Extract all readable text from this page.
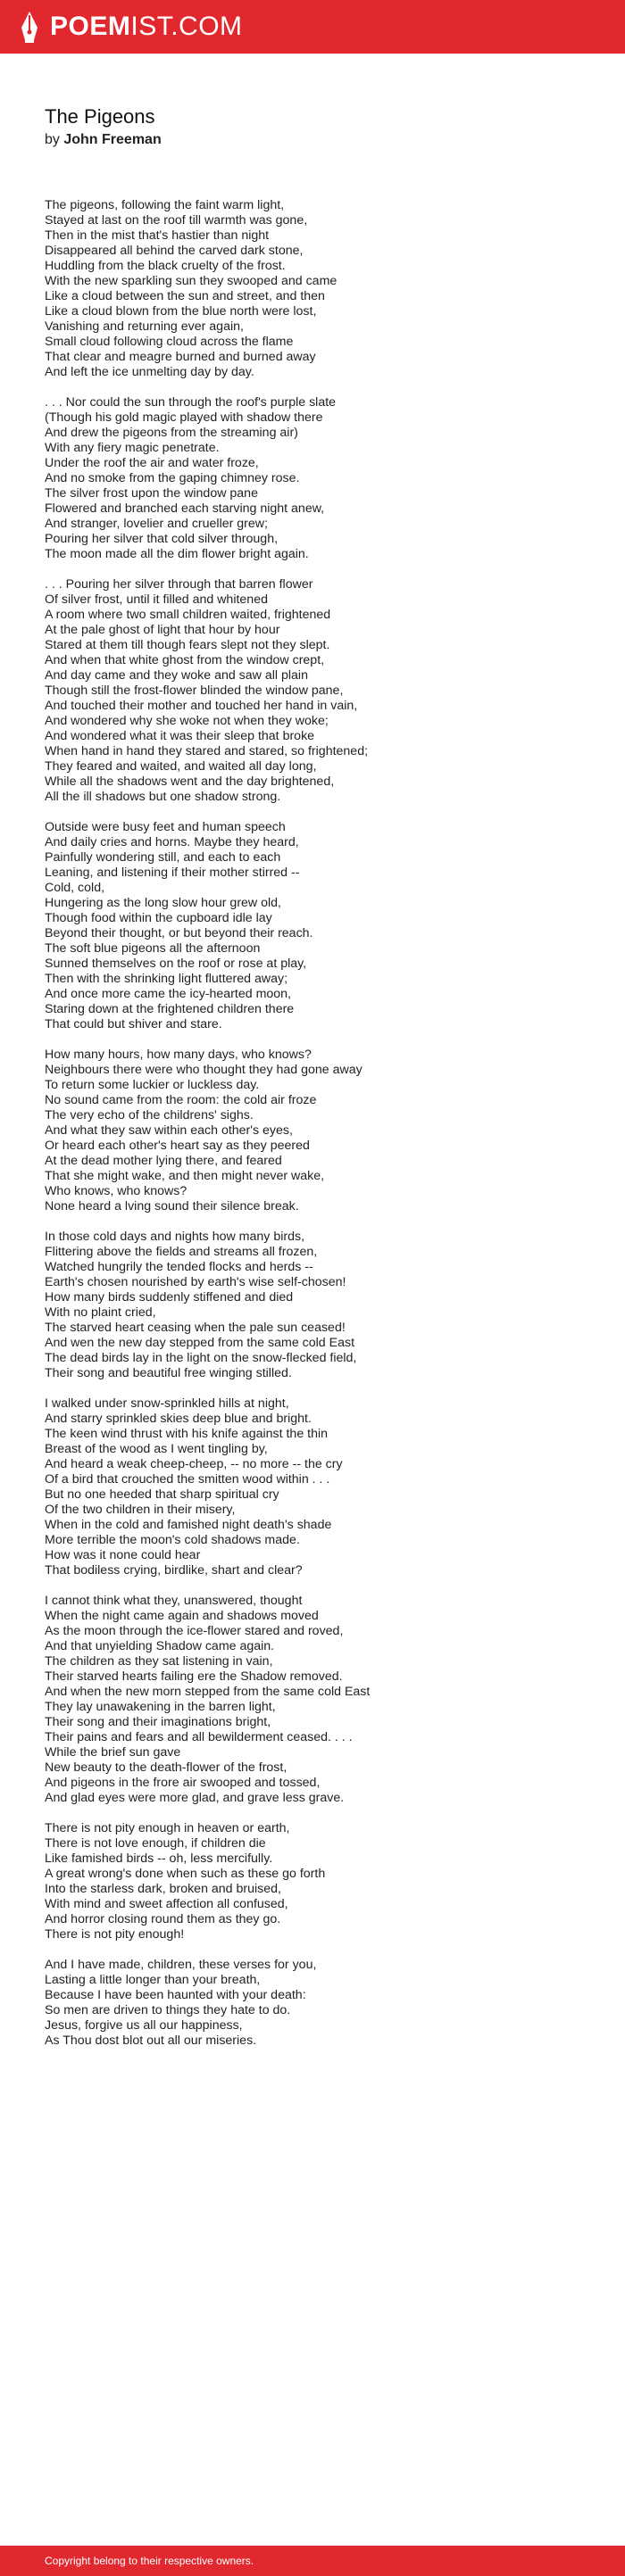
POEMIST.COM
The Pigeons
by John Freeman
The pigeons, following the faint warm light,
Stayed at last on the roof till warmth was gone,
Then in the mist that's hastier than night
Disappeared all behind the carved dark stone,
Huddling from the black cruelty of the frost.
With the new sparkling sun they swooped and came
Like a cloud between the sun and street, and then
Like a cloud blown from the blue north were lost,
Vanishing and returning ever again,
Small cloud following cloud across the flame
That clear and meagre burned and burned away
And left the ice unmelting day by day.
. . . Nor could the sun through the roof's purple slate
(Though his gold magic played with shadow there
And drew the pigeons from the streaming air)
With any fiery magic penetrate.
Under the roof the air and water froze,
And no smoke from the gaping chimney rose.
The silver frost upon the window pane
Flowered and branched each starving night anew,
And stranger, lovelier and crueller grew;
Pouring her silver that cold silver through,
The moon made all the dim flower bright again.
. . . Pouring her silver through that barren flower
Of silver frost, until it filled and whitened
A room where two small children waited, frightened
At the pale ghost of light that hour by hour
Stared at them till though fears slept not they slept.
And when that white ghost from the window crept,
And day came and they woke and saw all plain
Though still the frost-flower blinded the window pane,
And touched their mother and touched her hand in vain,
And wondered why she woke not when they woke;
And wondered what it was their sleep that broke
When hand in hand they stared and stared, so frightened;
They feared and waited, and waited all day long,
While all the shadows went and the day brightened,
All the ill shadows but one shadow strong.
Outside were busy feet and human speech
And daily cries and horns. Maybe they heard,
Painfully wondering still, and each to each
Leaning, and listening if their mother stirred --
Cold, cold,
Hungering as the long slow hour grew old,
Though food within the cupboard idle lay
Beyond their thought, or but beyond their reach.
The soft blue pigeons all the afternoon
Sunned themselves on the roof or rose at play,
Then with the shrinking light fluttered away;
And once more came the icy-hearted moon,
Staring down at the frightened children there
That could but shiver and stare.
How many hours, how many days, who knows?
Neighbours there were who thought they had gone away
To return some luckier or luckless day.
No sound came from the room: the cold air froze
The very echo of the childrens' sighs.
And what they saw within each other's eyes,
Or heard each other's heart say as they peered
At the dead mother lying there, and feared
That she might wake, and then might never wake,
Who knows, who knows?
None heard a lving sound their silence break.
In those cold days and nights how many birds,
Flittering above the fields and streams all frozen,
Watched hungrily the tended flocks and herds --
Earth's chosen nourished by earth's wise self-chosen!
How many birds suddenly stiffened and died
With no plaint cried,
The starved heart ceasing when the pale sun ceased!
And wen the new day stepped from the same cold East
The dead birds lay in the light on the snow-flecked field,
Their song and beautiful free winging stilled.
I walked under snow-sprinkled hills at night,
And starry sprinkled skies deep blue and bright.
The keen wind thrust with his knife against the thin
Breast of the wood as I went tingling by,
And heard a weak cheep-cheep, -- no more -- the cry
Of a bird that crouched the smitten wood within . . .
But no one heeded that sharp spiritual cry
Of the two children in their misery,
When in the cold and famished night death's shade
More terrible the moon's cold shadows made.
How was it none could hear
That bodiless crying, birdlike, shart and clear?
I cannot think what they, unanswered, thought
When the night came again and shadows moved
As the moon through the ice-flower stared and roved,
And that unyielding Shadow came again.
The children as they sat listening in vain,
Their starved hearts failing ere the Shadow removed.
And when the new morn stepped from the same cold East
They lay unawakening in the barren light,
Their song and their imaginations bright,
Their pains and fears and all bewilderment ceased. . . .
While the brief sun gave
New beauty to the death-flower of the frost,
And pigeons in the frore air swooped and tossed,
And glad eyes were more glad, and grave less grave.
There is not pity enough in heaven or earth,
There is not love enough, if children die
Like famished birds -- oh, less mercifully.
A great wrong's done when such as these go forth
Into the starless dark, broken and bruised,
With mind and sweet affection all confused,
And horror closing round them as they go.
There is not pity enough!
And I have made, children, these verses for you,
Lasting a little longer than your breath,
Because I have been haunted with your death:
So men are driven to things they hate to do.
Jesus, forgive us all our happiness,
As Thou dost blot out all our miseries.
Copyright belong to their respective owners.
